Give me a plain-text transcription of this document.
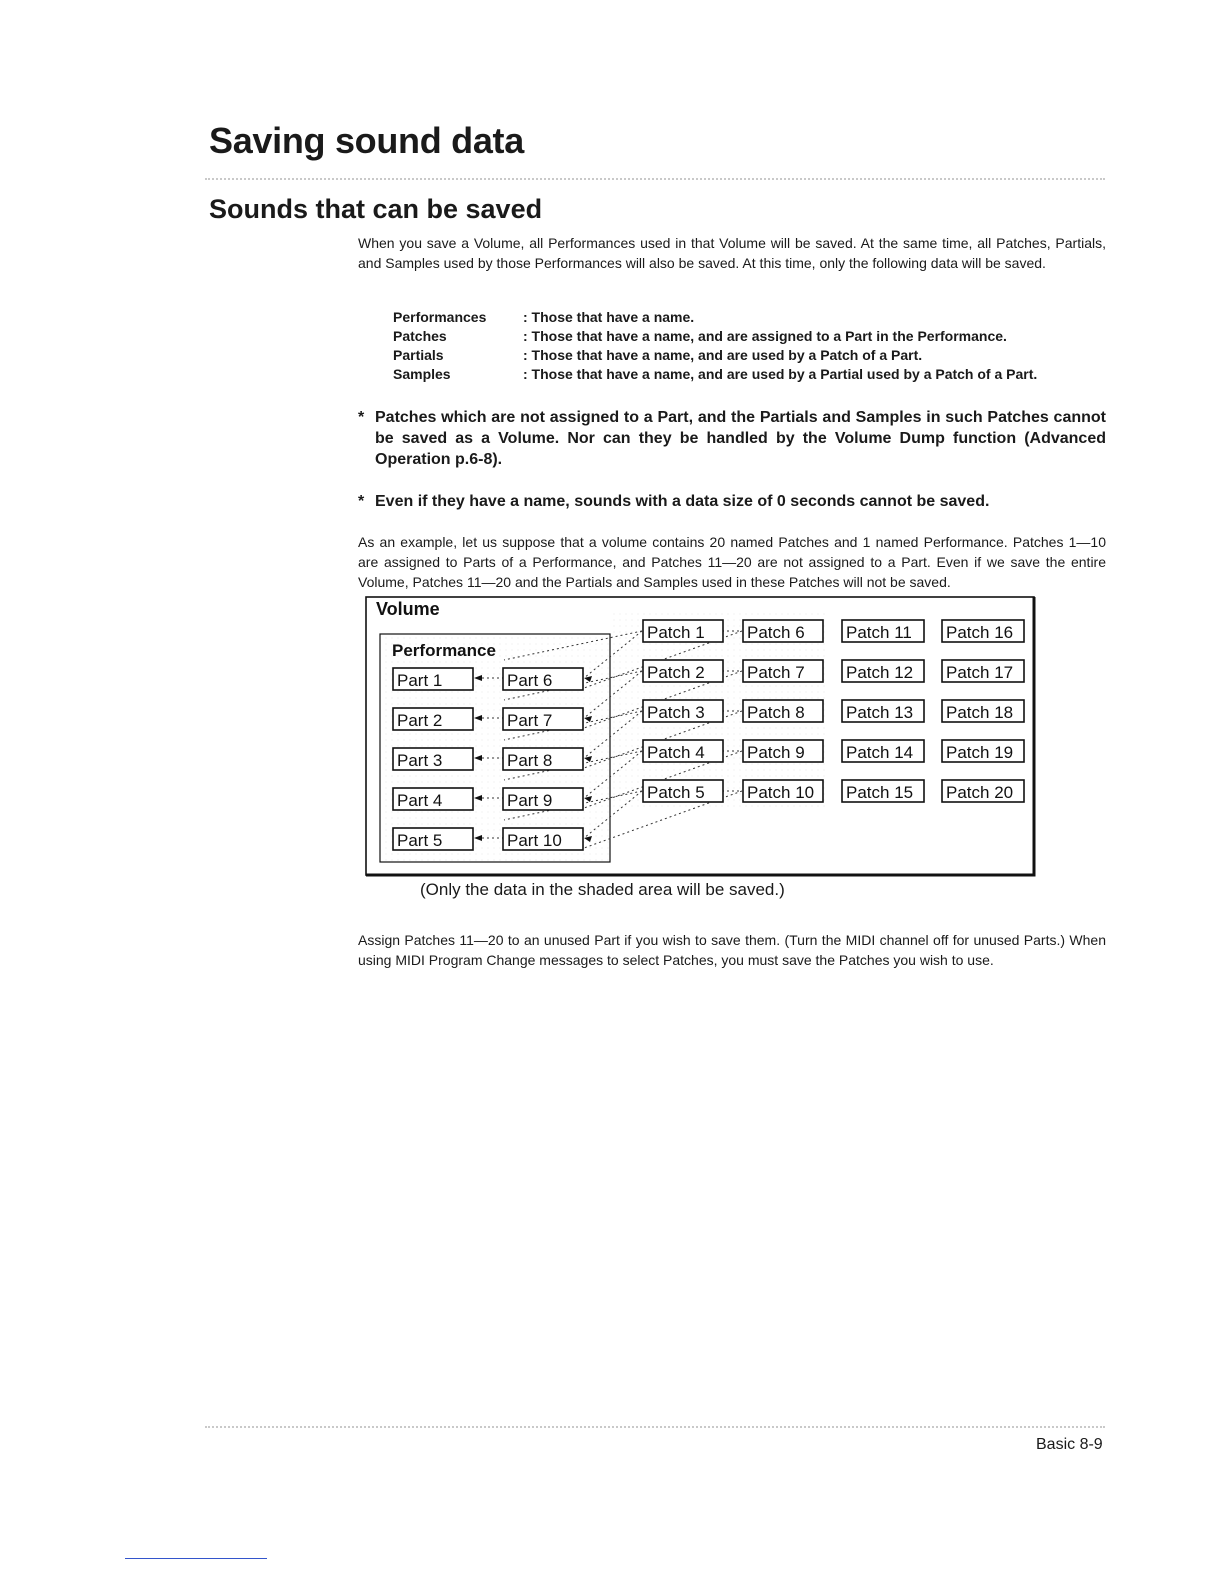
Saving sound data
Sounds that can be saved

When you save a Volume, all Performances used in that Volume will be saved. At the same time, all Patches, Partials, and Samples used by those Performances will also be saved. At this time, only the following data will be saved.

Performances	: Those that have a name.
Patches	: Those that have a name, and are assigned to a Part in the Performance.
Partials	: Those that have a name, and are used by a Patch of a Part.
Samples	: Those that have a name, and are used by a Partial used by a Patch of a Part.
* Patches which are not assigned to a Part, and the Partials and Samples in such Patches cannot be saved as a Volume. Nor can they be handled by the Volume Dump function (Advanced Operation p.6-8).
* Even if they have a name, sounds with a data size of 0 seconds cannot be saved.

As an example, let us suppose that a volume contains 20 named Patches and 1 named Performance. Patches 1—10 are assigned to Parts of a Performance, and Patches 11—20 are not assigned to a Part. Even if we save the entire Volume, Patches 11—20 and the Partials and Samples used in these Patches will not be saved.

Volume
Performance
Part 1
Part 2
Part 3
Part 4
Part 5
Part 6
Part 7
Part 8
Part 9
Part 10
Patch 1
Patch 2
Patch 3
Patch 4
Patch 5
Patch 6
Patch 7
Patch 8
Patch 9
Patch 10
Patch 11
Patch 12
Patch 13
Patch 14
Patch 15
Patch 16
Patch 17
Patch 18
Patch 19
Patch 20
(Only the data in the shaded area will be saved.)

Assign Patches 11—20 to an unused Part if you wish to save them. (Turn the MIDI channel off for unused Parts.) When using MIDI Program Change messages to select Patches, you must save the Patches you wish to use.

Basic 8-9
